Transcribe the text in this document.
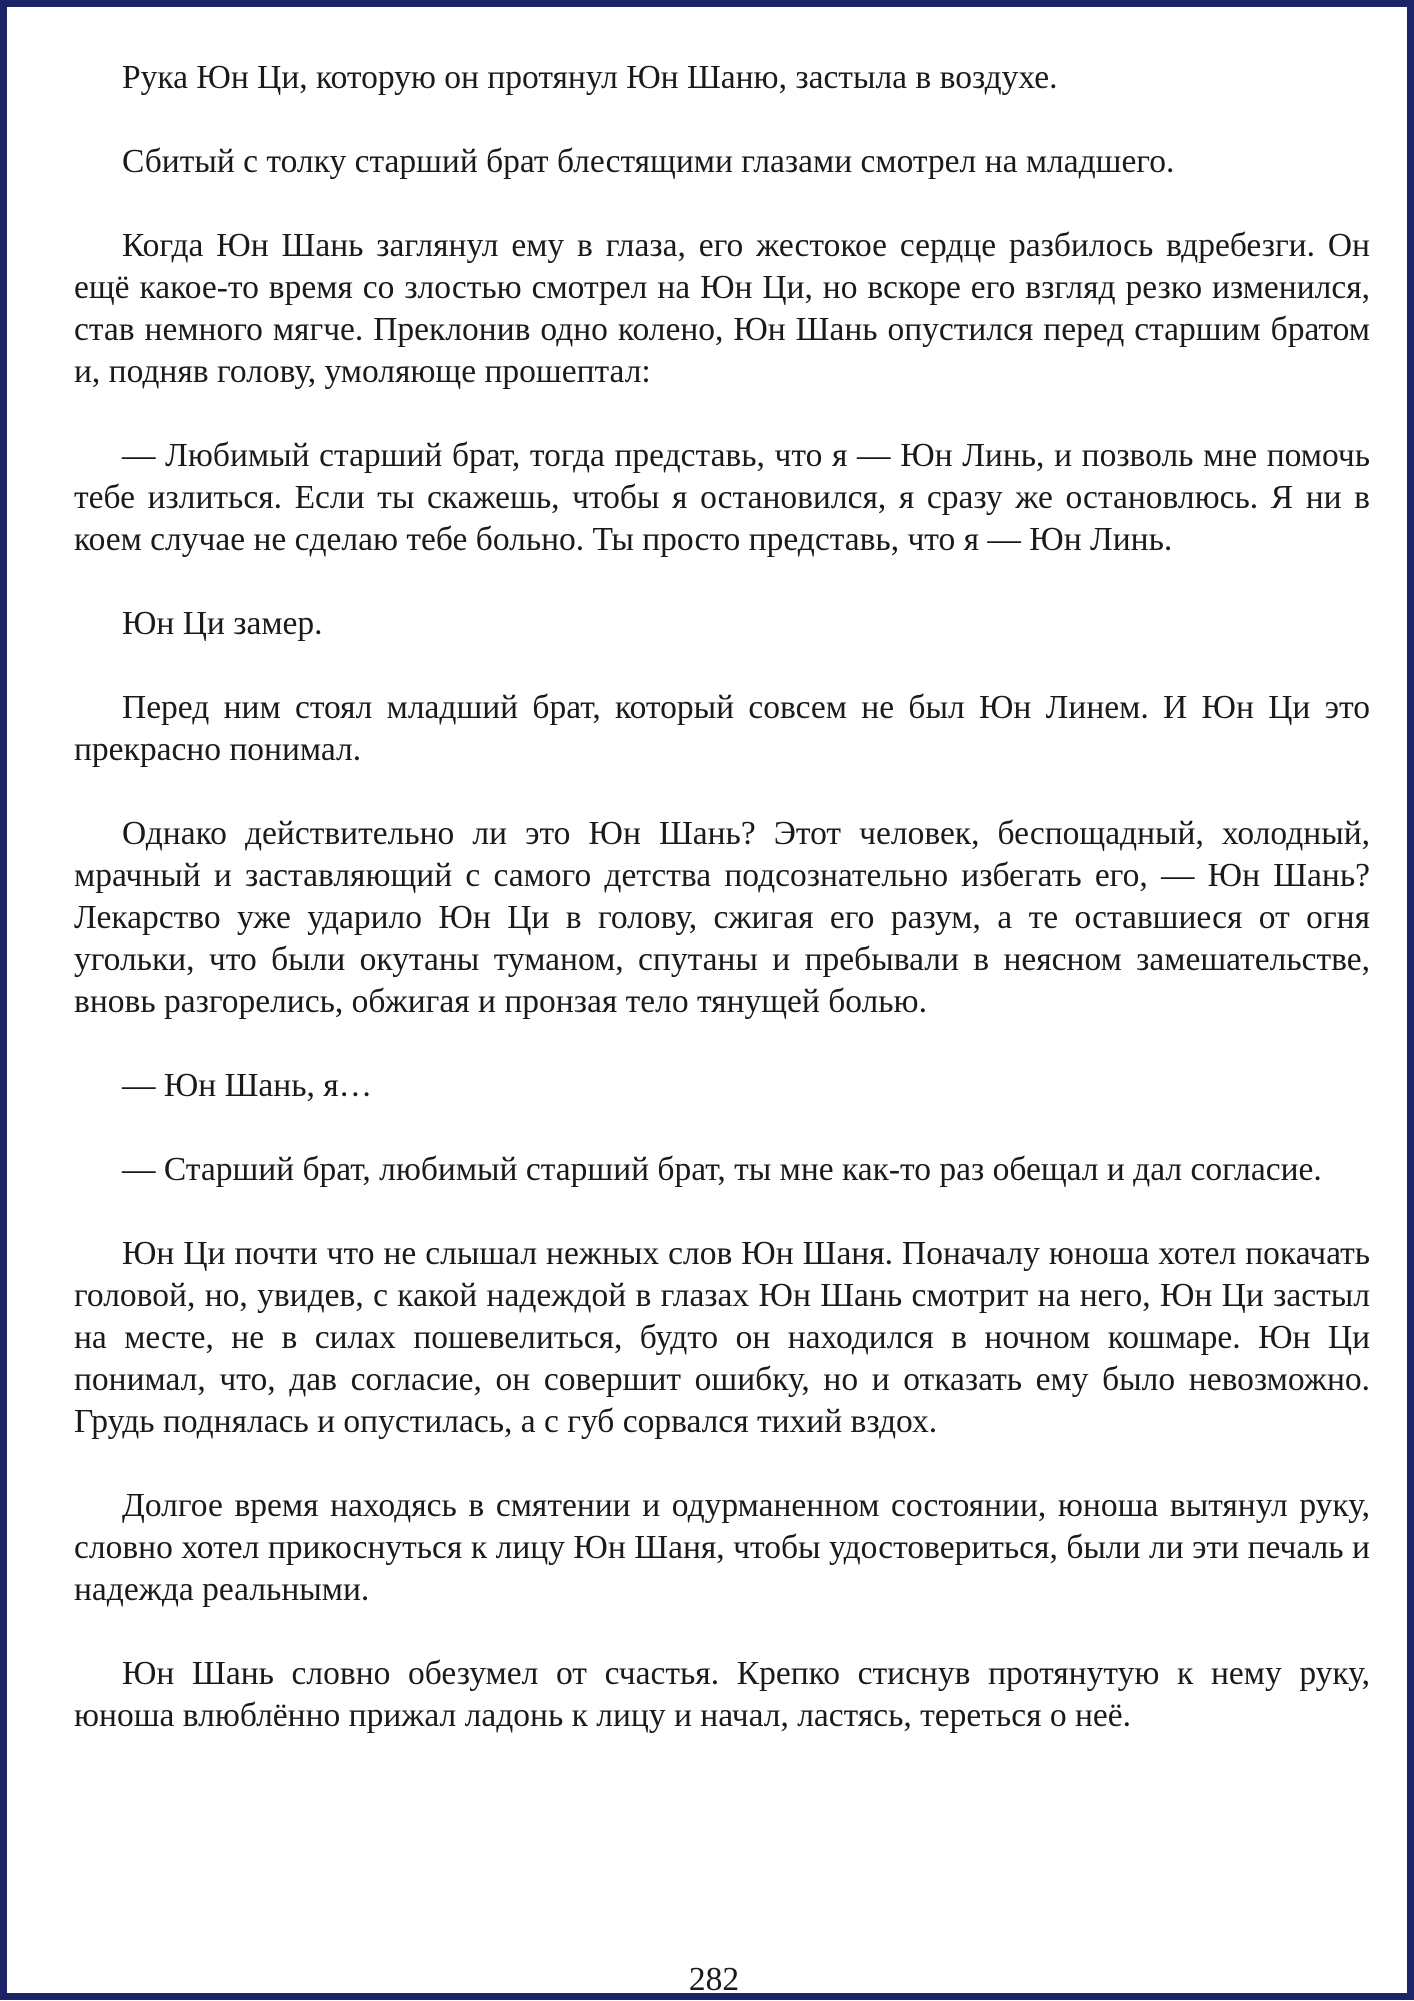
Рука Юн Ци, которую он протянул Юн Шаню, застыла в воздухе.

Сбитый с толку старший брат блестящими глазами смотрел на младшего.

Когда Юн Шань заглянул ему в глаза, его жестокое сердце разбилось вдребезги. Он ещё какое-то время со злостью смотрел на Юн Ци, но вскоре его взгляд резко изменился, став немного мягче. Преклонив одно колено, Юн Шань опустился перед старшим братом и, подняв голову, умоляюще прошептал:

— Любимый старший брат, тогда представь, что я — Юн Линь, и позволь мне помочь тебе излиться. Если ты скажешь, чтобы я остановился, я сразу же остановлюсь. Я ни в коем случае не сделаю тебе больно. Ты просто представь, что я — Юн Линь.

Юн Ци замер.

Перед ним стоял младший брат, который совсем не был Юн Линем. И Юн Ци это прекрасно понимал.

Однако действительно ли это Юн Шань? Этот человек, беспощадный, холодный, мрачный и заставляющий с самого детства подсознательно избегать его, — Юн Шань? Лекарство уже ударило Юн Ци в голову, сжигая его разум, а те оставшиеся от огня угольки, что были окутаны туманом, спутаны и пребывали в неясном замешательстве, вновь разгорелись, обжигая и пронзая тело тянущей болью.

— Юн Шань, я…

— Старший брат, любимый старший брат, ты мне как-то раз обещал и дал согласие.

Юн Ци почти что не слышал нежных слов Юн Шаня. Поначалу юноша хотел покачать головой, но, увидев, с какой надеждой в глазах Юн Шань смотрит на него, Юн Ци застыл на месте, не в силах пошевелиться, будто он находился в ночном кошмаре. Юн Ци понимал, что, дав согласие, он совершит ошибку, но и отказать ему было невозможно. Грудь поднялась и опустилась, а с губ сорвался тихий вздох.

Долгое время находясь в смятении и одурманенном состоянии, юноша вытянул руку, словно хотел прикоснуться к лицу Юн Шаня, чтобы удостовериться, были ли эти печаль и надежда реальными.

Юн Шань словно обезумел от счастья. Крепко стиснув протянутую к нему руку, юноша влюблённо прижал ладонь к лицу и начал, ластясь, тереться о неё.

282
